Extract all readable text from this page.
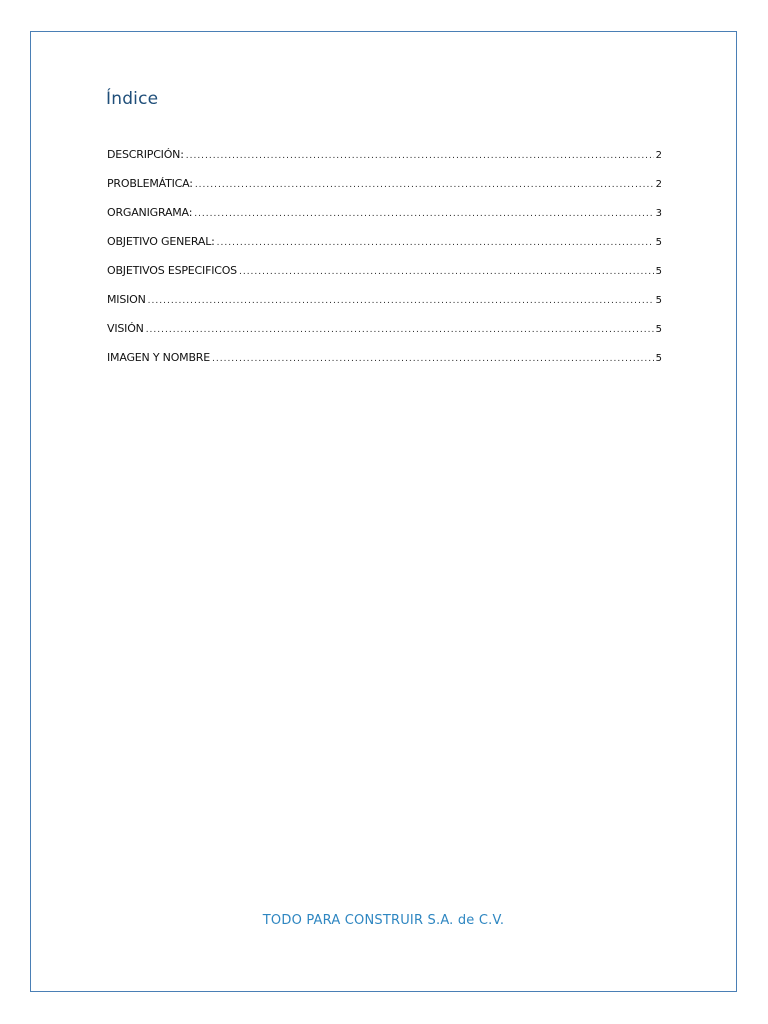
Índice
DESCRIPCIÓN: .....	2
PROBLEMÁTICA: .....	2
ORGANIGRAMA: .....	3
OBJETIVO GENERAL: .....	5
OBJETIVOS ESPECIFICOS .....	5
MISION .....	5
VISIÓN .....	5
IMAGEN Y NOMBRE .....	5
TODO PARA CONSTRUIR S.A. de C.V.
